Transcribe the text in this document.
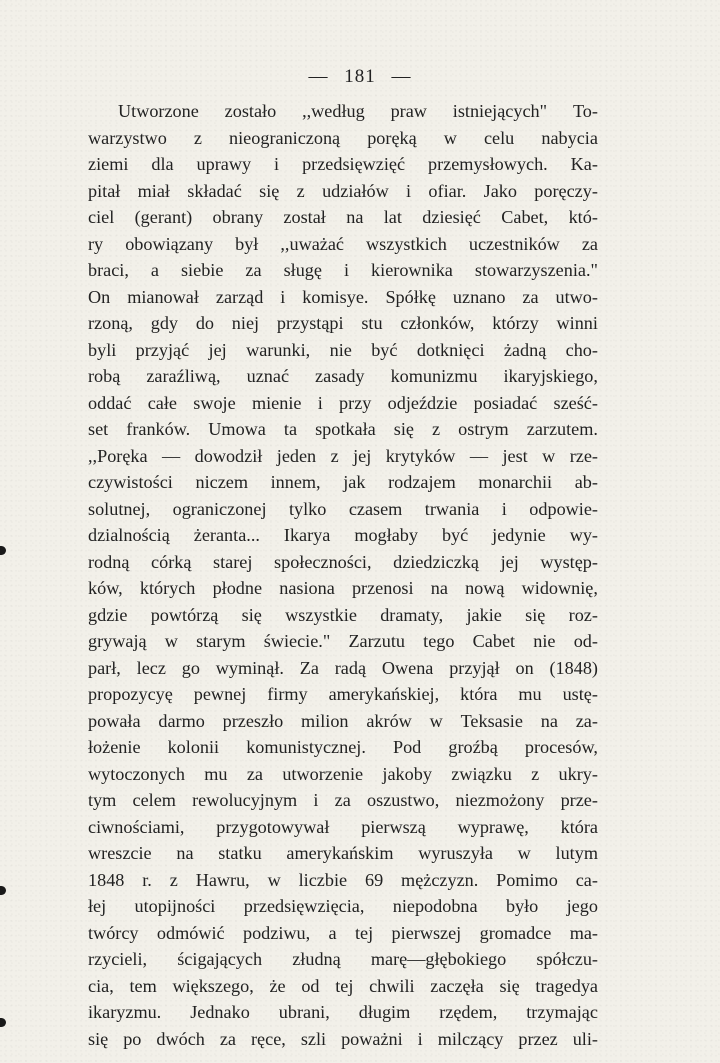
— 181 —
Utworzone zostało ,,według praw istniejących" To-
warzystwo z nieograniczoną poręką w celu nabycia
ziemi dla uprawy i przedsięwzięć przemysłowych. Ka-
pitał miał składać się z udziałów i ofiar. Jako poręczy-
ciel (gerant) obrany został na lat dziesięć Cabet, któ-
ry obowiązany był ,,uważać wszystkich uczestników za
braci, a siebie za sługę i kierownika stowarzyszenia."
On mianował zarząd i komisye. Spółkę uznano za utwo-
rzoną, gdy do niej przystąpi stu członków, którzy winni
byli przyjąć jej warunki, nie być dotknięci żadną cho-
robą zaraźliwą, uznać zasady komunizmu ikaryjskiego,
oddać całe swoje mienie i przy odjeździe posiadać sześć-
set franków. Umowa ta spotkała się z ostrym zarzutem.
,,Poręka — dowodził jeden z jej krytyków — jest w rze-
czywistości niczem innem, jak rodzajem monarchii ab-
solutnej, ograniczonej tylko czasem trwania i odpowie-
dzialnością żeranta... Ikarya mogłaby być jedynie wy-
rodną córką starej społeczności, dziedziczką jej występ-
ków, których płodne nasiona przenosi na nową widownię,
gdzie powtórzą się wszystkie dramaty, jakie się roz-
grywają w starym świecie." Zarzutu tego Cabet nie od-
parł, lecz go wyminął. Za radą Owena przyjął on (1848)
propozycyę pewnej firmy amerykańskiej, która mu ustę-
powała darmo przeszło milion akrów w Teksasie na za-
łożenie kolonii komunistycznej. Pod groźbą procesów,
wytoczonych mu za utworzenie jakoby związku z ukry-
tym celem rewolucyjnym i za oszustwo, niezmożony prze-
ciwnościami, przygotowywał pierwszą wyprawę, która
wreszcie na statku amerykańskim wyruszyła w lutym
1848 r. z Hawru, w liczbie 69 mężczyzn. Pomimo ca-
łej utopijności przedsięwzięcia, niepodobna było jego
twórcy odmówić podziwu, a tej pierwszej gromadce ma-
rzycieli, ścigających złudną marę—głębokiego spółczu-
cia, tem większego, że od tej chwili zaczęła się tragedya
ikaryzmu. Jednako ubrani, długim rzędem, trzymając
się po dwóch za ręce, szli poważni i milczący przez uli-
